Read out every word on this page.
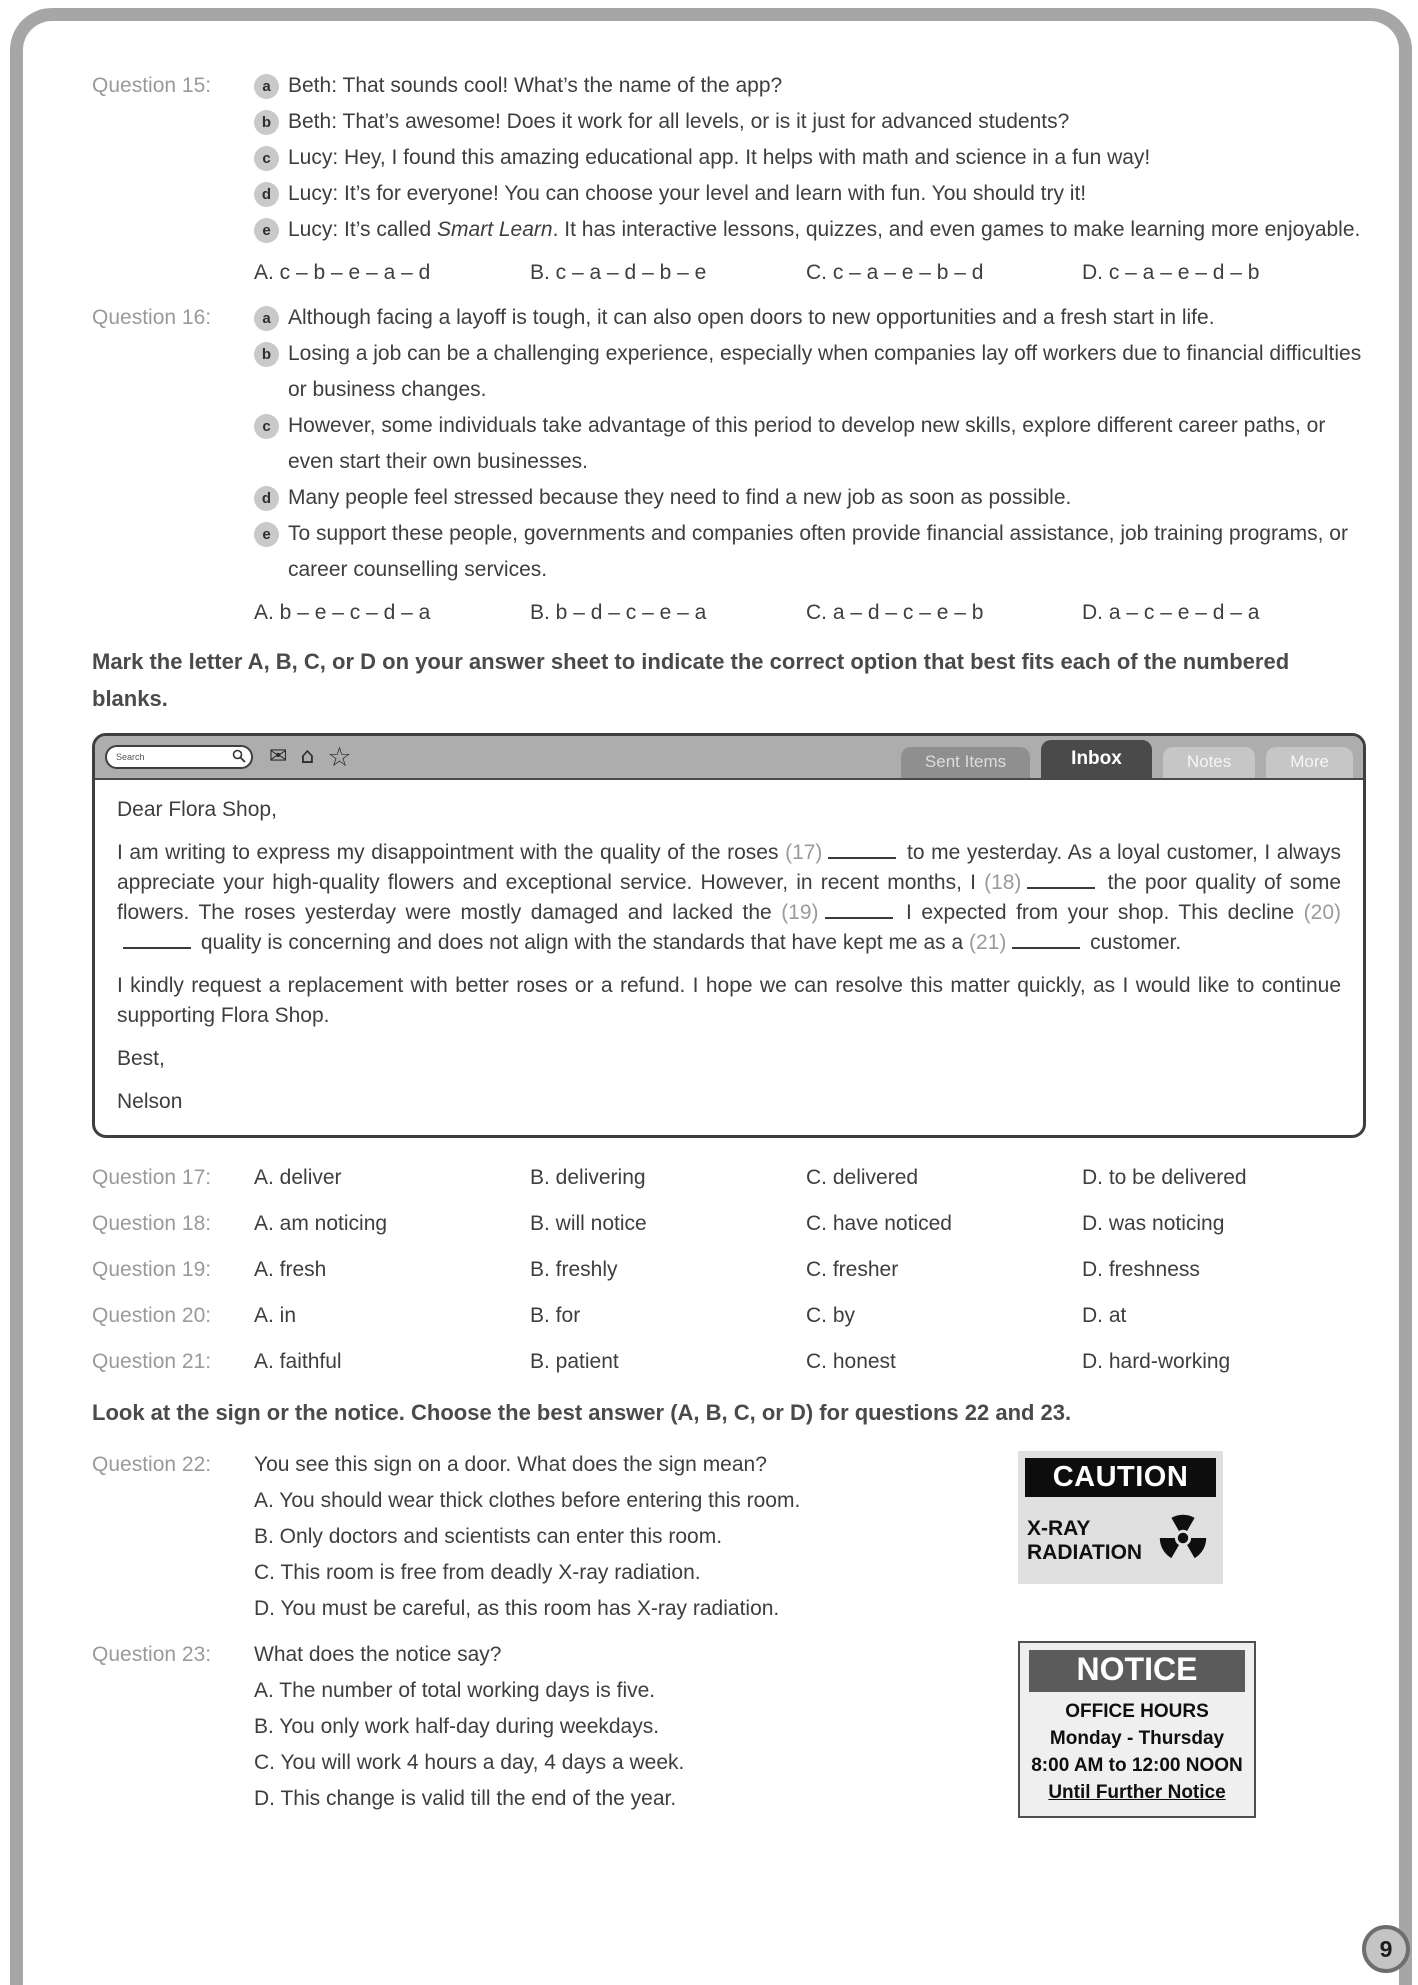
Question 15:	a Beth: That sounds cool! What’s the name of the app?
b Beth: That’s awesome! Does it work for all levels, or is it just for advanced students?
c Lucy: Hey, I found this amazing educational app. It helps with math and science in a fun way!
d Lucy: It’s for everyone! You can choose your level and learn with fun. You should try it!
e Lucy: It’s called Smart Learn. It has interactive lessons, quizzes, and even games to make learning more enjoyable.
A. c – b – e – a – d	B. c – a – d – b – e	C. c – a – e – b – d	D. c – a – e – d – b
Question 16:	a Although facing a layoff is tough, it can also open doors to new opportunities and a fresh start in life.
b Losing a job can be a challenging experience, especially when companies lay off workers due to financial difficulties or business changes.
c However, some individuals take advantage of this period to develop new skills, explore different career paths, or even start their own businesses.
d Many people feel stressed because they need to find a new job as soon as possible.
e To support these people, governments and companies often provide financial assistance, job training programs, or career counselling services.
A. b – e – c – d – a	B. b – d – c – e – a	C. a – d – c – e – b	D. a – c – e – d – a

Mark the letter A, B, C, or D on your answer sheet to indicate the correct option that best fits each of the numbered blanks.

Search	✉ ⌂ ☆	Sent Items	Inbox	Notes	More

Dear Flora Shop,

I am writing to express my disappointment with the quality of the roses (17)	to me yesterday. As a loyal customer, I always appreciate your high-quality flowers and exceptional service. However, in recent months, I (18)	the poor quality of some flowers. The roses yesterday were mostly damaged and lacked the (19)	I expected from your shop. This decline (20) quality is concerning and does not align with the standards that have kept me as a (21)	customer.

I kindly request a replacement with better roses or a refund. I hope we can resolve this matter quickly, as I would like to continue supporting Flora Shop.

Best,

Nelson

Question 17:	A. deliver	B. delivering	C. delivered	D. to be delivered
Question 18:	A. am noticing	B. will notice	C. have noticed	D. was noticing
Question 19:	A. fresh	B. freshly	C. fresher	D. freshness
Question 20:	A. in	B. for	C. by	D. at
Question 21:	A. faithful	B. patient	C. honest	D. hard-working

Look at the sign or the notice. Choose the best answer (A, B, C, or D) for questions 22 and 23.

Question 22:	You see this sign on a door. What does the sign mean?

A. You should wear thick clothes before entering this room.

B. Only doctors and scientists can enter this room.

C. This room is free from deadly X-ray radiation.

D. You must be careful, as this room has X-ray radiation.

CAUTION
X-RAY
RADIATION
Question 23:	What does the notice say?

A. The number of total working days is five.

B. You only work half-day during weekdays.

C. You will work 4 hours a day, 4 days a week.

D. This change is valid till the end of the year.

NOTICE
OFFICE HOURS
Monday - Thursday
8:00 AM to 12:00 NOON
Until Further Notice
9
